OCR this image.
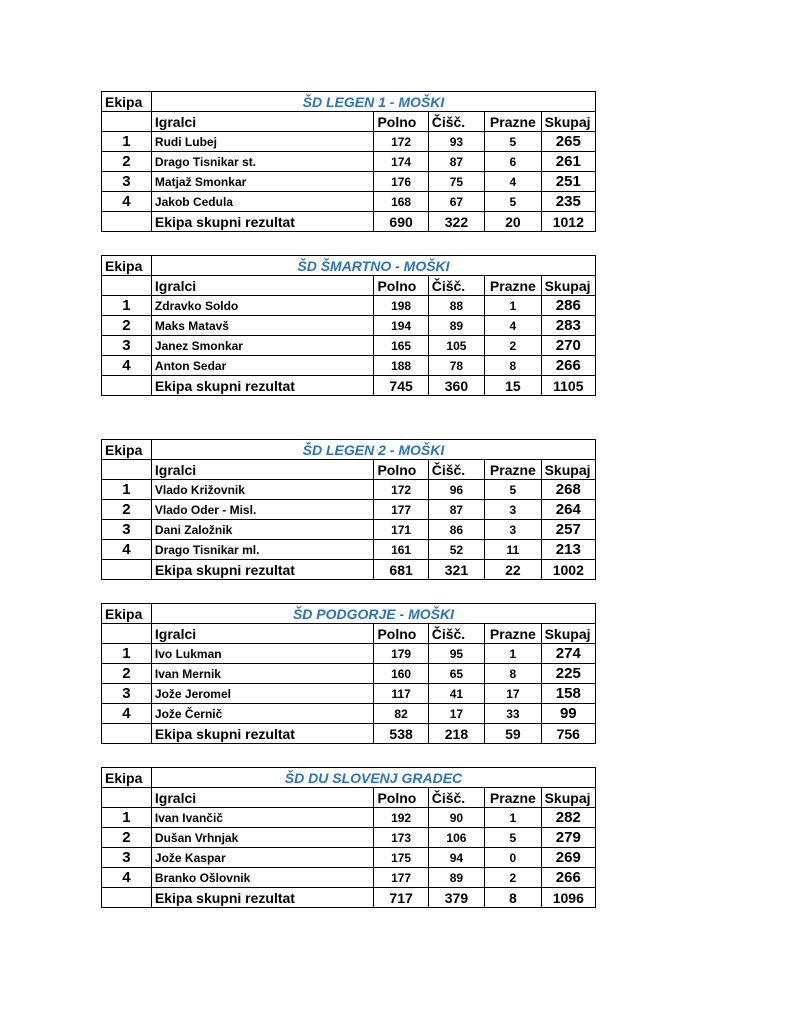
Ekipa	ŠD LEGEN 1 - MOŠKI				
	Igralci	Polno	Čišč.	Prazne	Skupaj
1	Rudi Lubej	172	93	5	265
2	Drago Tisnikar st.	174	87	6	261
3	Matjaž Smonkar	176	75	4	251
4	Jakob Cedula	168	67	5	235
	Ekipa skupni rezultat	690	322	20	1012
Ekipa	ŠD ŠMARTNO - MOŠKI				
	Igralci	Polno	Čišč.	Prazne	Skupaj
1	Zdravko Soldo	198	88	1	286
2	Maks Matavš	194	89	4	283
3	Janez Smonkar	165	105	2	270
4	Anton Sedar	188	78	8	266
	Ekipa skupni rezultat	745	360	15	1105
Ekipa	ŠD LEGEN 2 - MOŠKI				
	Igralci	Polno	Čišč.	Prazne	Skupaj
1	Vlado Križovnik	172	96	5	268
2	Vlado Oder - Misl.	177	87	3	264
3	Dani Založnik	171	86	3	257
4	Drago Tisnikar ml.	161	52	11	213
	Ekipa skupni rezultat	681	321	22	1002
Ekipa	ŠD PODGORJE - MOŠKI				
	Igralci	Polno	Čišč.	Prazne	Skupaj
1	Ivo Lukman	179	95	1	274
2	Ivan Mernik	160	65	8	225
3	Jože Jeromel	117	41	17	158
4	Jože Černič	82	17	33	99
	Ekipa skupni rezultat	538	218	59	756
Ekipa	ŠD DU SLOVENJ GRADEC				
	Igralci	Polno	Čišč.	Prazne	Skupaj
1	Ivan Ivančič	192	90	1	282
2	Dušan Vrhnjak	173	106	5	279
3	Jože Kaspar	175	94	0	269
4	Branko Ošlovnik	177	89	2	266
	Ekipa skupni rezultat	717	379	8	1096
